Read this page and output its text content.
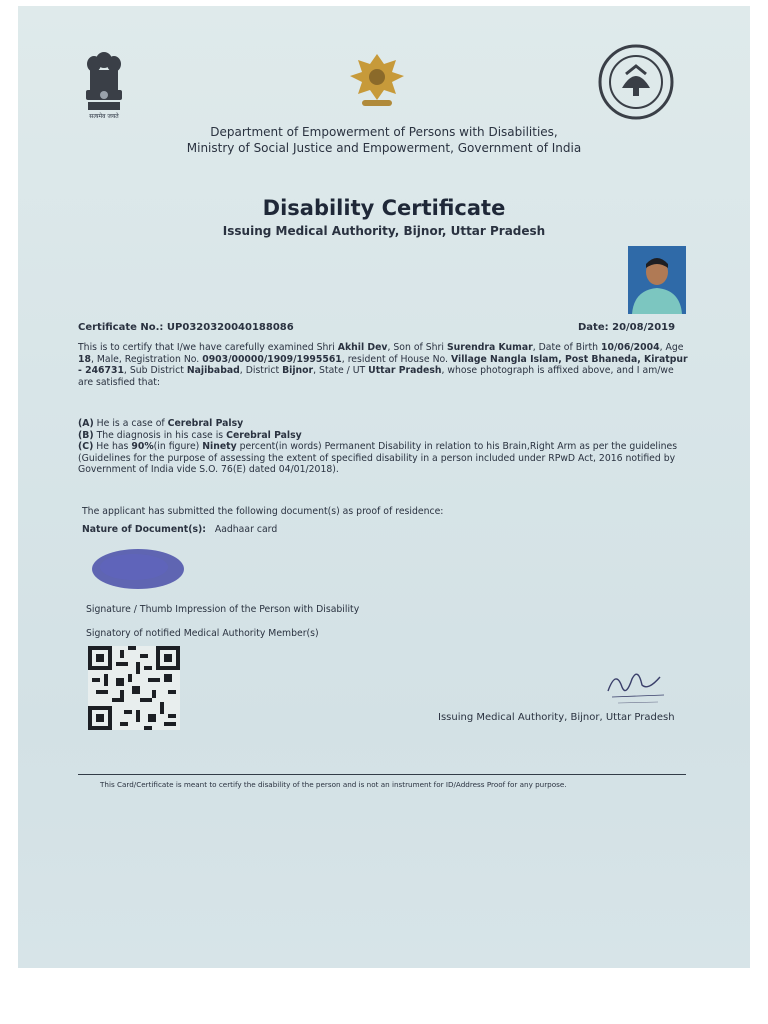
सत्यमेव जयते
Department of Empowerment of Persons with Disabilities,
Ministry of Social Justice and Empowerment, Government of India
Disability Certificate
Issuing Medical Authority, Bijnor, Uttar Pradesh
Certificate No.: UP0320320040188086	Date: 20/08/2019
This is to certify that I/we have carefully examined Shri Akhil Dev, Son of Shri Surendra Kumar, Date of Birth 10/06/2004, Age 18, Male, Registration No. 0903/00000/1909/1995561, resident of House No. Village Nangla Islam, Post Bhaneda, Kiratpur - 246731, Sub District Najibabad, District Bijnor, State / UT Uttar Pradesh, whose photograph is affixed above, and I am/we are satisfied that:
(A) He is a case of Cerebral Palsy
(B) The diagnosis in his case is Cerebral Palsy
(C) He has 90%(in figure) Ninety percent(in words) Permanent Disability in relation to his Brain,Right Arm as per the guidelines (Guidelines for the purpose of assessing the extent of specified disability in a person included under RPwD Act, 2016 notified by Government of India vide S.O. 76(E) dated 04/01/2018).
The applicant has submitted the following document(s) as proof of residence:
Nature of Document(s): Aadhaar card
Signature / Thumb Impression of the Person with Disability
Signatory of notified Medical Authority Member(s)
Issuing Medical Authority, Bijnor, Uttar Pradesh
This Card/Certificate is meant to certify the disability of the person and is not an instrument for ID/Address Proof for any purpose.
